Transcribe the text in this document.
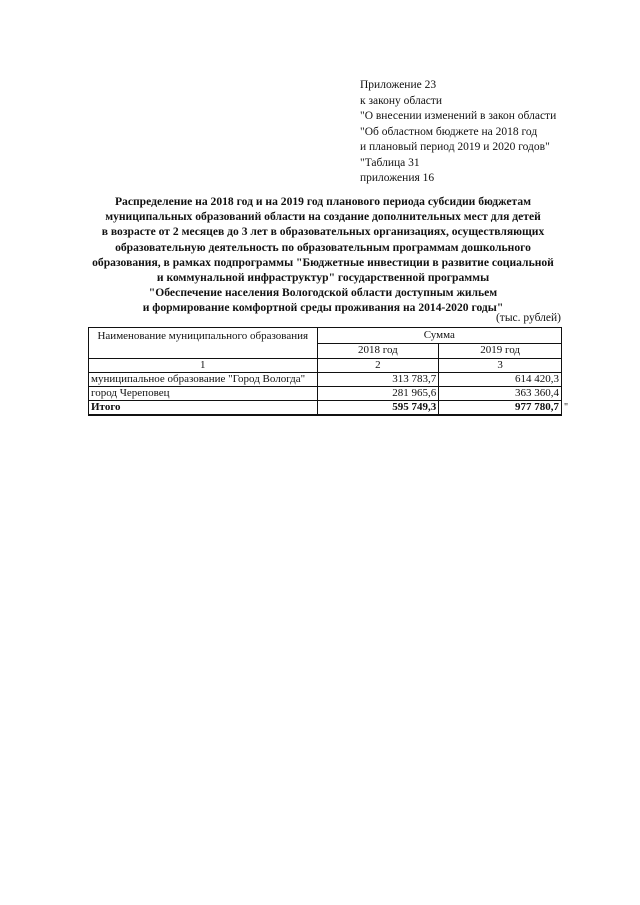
Приложение 23
к закону области
"О внесении изменений в закон области
"Об областном бюджете на 2018 год
и плановый период 2019 и 2020 годов"
"Таблица 31
приложения 16
Распределение на 2018 год и на 2019 год планового периода субсидии бюджетам
муниципальных образований области на создание дополнительных мест для детей
в возрасте от 2 месяцев до 3 лет в образовательных организациях, осуществляющих
образовательную деятельность по образовательным программам дошкольного
образования, в рамках подпрограммы "Бюджетные инвестиции в развитие социальной
и коммунальной инфраструктур" государственной программы
"Обеспечение населения Вологодской области доступным жильем
и формирование комфортной среды проживания на 2014-2020 годы"
(тыс. рублей)
Наименование муниципального образования	Сумма	
	2018 год	2019 год
1	2	3
муниципальное образование "Город Вологда"	313 783,7	614 420,3
город Череповец	281 965,6	363 360,4
Итого	595 749,3	977 780,7 "
